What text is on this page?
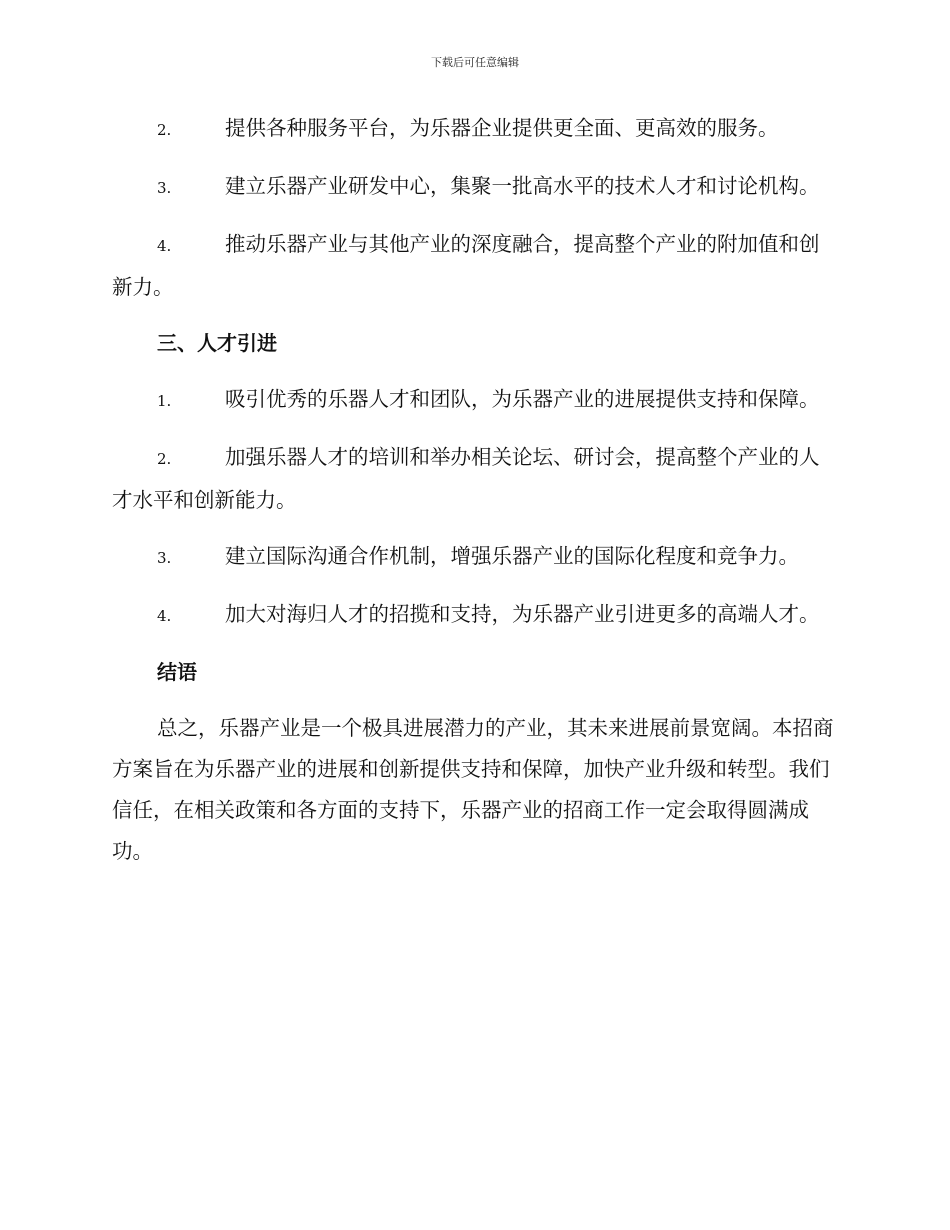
下载后可任意编辑
2.	提供各种服务平台，为乐器企业提供更全面、更高效的服务。
3.	建立乐器产业研发中心，集聚一批高水平的技术人才和讨论机构。
4.	推动乐器产业与其他产业的深度融合，提高整个产业的附加值和创新力。
三、人才引进
1.	吸引优秀的乐器人才和团队，为乐器产业的进展提供支持和保障。
2.	加强乐器人才的培训和举办相关论坛、研讨会，提高整个产业的人才水平和创新能力。
3.	建立国际沟通合作机制，增强乐器产业的国际化程度和竞争力。
4.	加大对海归人才的招揽和支持，为乐器产业引进更多的高端人才。
结语
总之，乐器产业是一个极具进展潜力的产业，其未来进展前景宽阔。本招商方案旨在为乐器产业的进展和创新提供支持和保障，加快产业升级和转型。我们信任，在相关政策和各方面的支持下，乐器产业的招商工作一定会取得圆满成功。
